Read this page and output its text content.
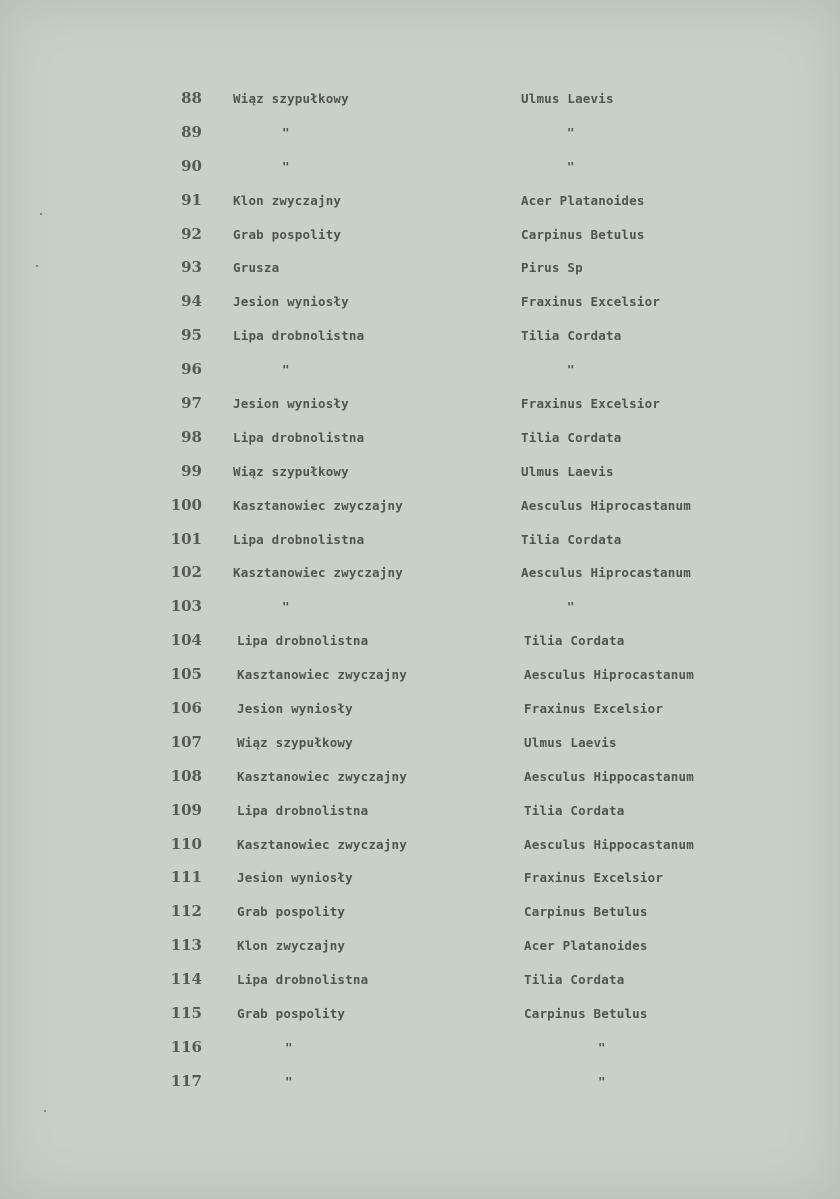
88 Wiąz szypułkowy	Ulmus Laevis
89	"	"
90	"	"
91 Klon zwyczajny	Acer Platanoides
92 Grab pospolity	Carpinus Betulus
93 Grusza	Pirus Sp
94 Jesion wyniosły	Fraxinus Excelsior
95 Lipa drobnolistna	Tilia Cordata
96	"	"
97 Jesion wyniosły	Fraxinus Excelsior
98 Lipa drobnolistna	Tilia Cordata
99 Wiąz szypułkowy	Ulmus Laevis
100 Kasztanowiec zwyczajny	Aesculus Hiprocastanum
101 Lipa drobnolistna	Tilia Cordata
102 Kasztanowiec zwyczajny	Aesculus Hiprocastanum
103	"	"
104	Lipa drobnolistna	Tilia Cordata
105	Kasztanowiec zwyczajny	Aesculus Hiprocastanum
106	Jesion wyniosły	Fraxinus Excelsior
107	Wiąz szypułkowy	Ulmus Laevis
108	Kasztanowiec zwyczajny	Aesculus Hippocastanum
109	Lipa drobnolistna	Tilia Cordata
110	Kasztanowiec zwyczajny	Aesculus Hippocastanum
111	Jesion wyniosły	Fraxinus Excelsior
112	Grab pospolity	Carpinus Betulus
113	Klon zwyczajny	Acer Platanoides
114	Lipa drobnolistna	Tilia Cordata
115	Grab pospolity	Carpinus Betulus
116	"	"
117	"	"
